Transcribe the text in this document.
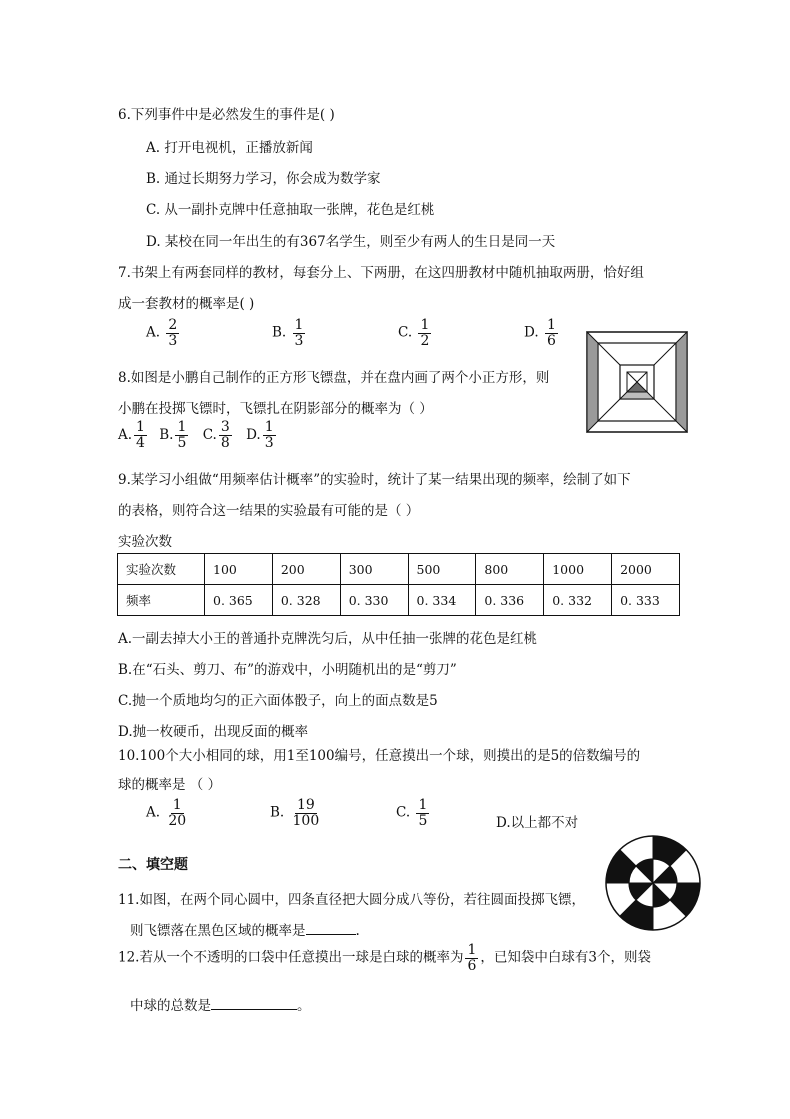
6.下列事件中是必然发生的事件是( )
A. 打开电视机，正播放新闻
B. 通过长期努力学习，你会成为数学家
C. 从一副扑克牌中任意抽取一张牌，花色是红桃
D. 某校在同一年出生的有367名学生，则至少有两人的生日是同一天
7.书架上有两套同样的教材，每套分上、下两册，在这四册教材中随机抽取两册，恰好组
成一套教材的概率是( )
A. $\frac{2}{3}$	B. $\frac{1}{3}$	C. $\frac{1}{2}$	D. $\frac{1}{6}$
8.如图是小鹏自己制作的正方形飞镖盘，并在盘内画了两个小正方形，则
小鹏在投掷飞镖时，飞镖扎在阴影部分的概率为（ ）
A. $\frac{1}{4} B$. $\frac{1}{5} C$. $\frac{3}{8} D$. $\frac{1}{3}$
9.某学习小组做“用频率估计概率”的实验时，统计了某一结果出现的频率，绘制了如下
的表格，则符合这一结果的实验最有可能的是（ ）
实验次数
实验次数	100	200	300	500	800	1000	2000
频率	0. 365	0. 328	0. 330	0. 334	0. 336	0. 332	0. 333
A.一副去掉大小王的普通扑克牌洗匀后，从中任抽一张牌的花色是红桃
B.在“石头、剪刀、布”的游戏中，小明随机出的是“剪刀”
C.抛一个质地均匀的正六面体骰子，向上的面点数是5
D.抛一枚硬币，出现反面的概率
10.100个大小相同的球，用1至100编号，任意摸出一个球，则摸出的是5的倍数编号的
球的概率是 （ ）
A. $\frac{1}{20}$	B. $\frac{19}{100}$	C. $\frac{1}{5}$	D.以上都不对
二、填空题
11.如图，在两个同心圆中，四条直径把大圆分成八等份，若往圆面投掷飞镖，
则飞镖落在黑色区域的概率是	.
12.若从一个不透明的口袋中任意摸出一球是白球的概率为 $\frac{1}{6}$ ，已知袋中白球有3个，则袋
中球的总数是	。
